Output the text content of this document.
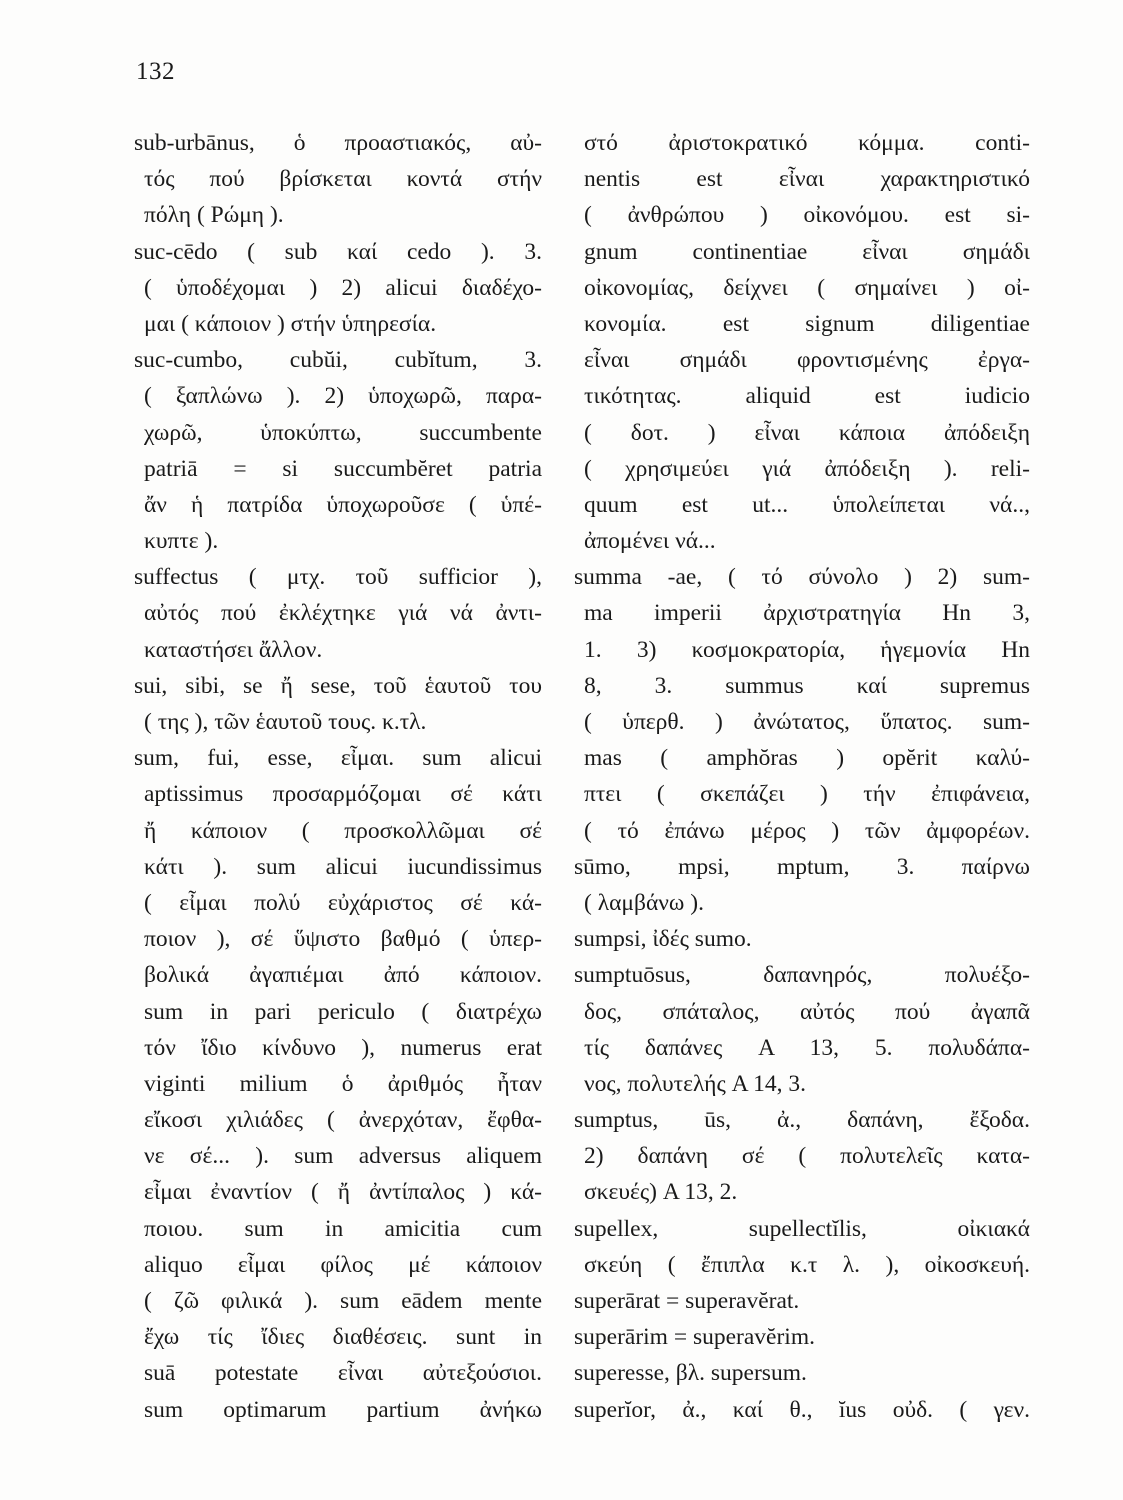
132
sub-urbānus, ὁ προαστιακός, αὐ-
τός πού βρίσκεται κοντά στήν
πόλη ( Ρώμη ).
suc-cēdo ( sub καί cedo ). 3.
( ὑποδέχομαι ) 2) alicui διαδέχο-
μαι ( κάποιον ) στήν ὑπηρεσία.
suc-cumbo, cubŭi, cubĭtum, 3.
( ξαπλώνω ). 2) ὑποχωρῶ, παρα-
χωρῶ, ὑποκύπτω, succumbente
patriā = si succumbĕret patria
ἄν ἡ πατρίδα ὑποχωροῦσε ( ὑπέ-
κυπτε ).
suffectus ( μτχ. τοῦ sufficior ),
αὐτός πού ἐκλέχτηκε γιά νά ἀντι-
καταστήσει ἄλλον.
sui, sibi, se ἤ sese, τοῦ ἑαυτοῦ του
( της ), τῶν ἑαυτοῦ τους. κ.τλ.
sum, fui, esse, εἶμαι. sum alicui
aptissimus προσαρμόζομαι σέ κάτι
ἤ κάποιον ( προσκολλῶμαι σέ
κάτι ). sum alicui iucundissimus
( εἶμαι πολύ εὐχάριστος σέ κά-
ποιον ), σέ ὕψιστο βαθμό ( ὑπερ-
βολικά ἀγαπιέμαι ἀπό κάποιον.
sum in pari periculo ( διατρέχω
τόν ἴδιο κίνδυνο ), numerus erat
viginti milium ὁ ἀριθμός ἦταν
εἴκοσι χιλιάδες ( ἀνερχόταν, ἔφθα-
νε σέ... ). sum adversus aliquem
εἶμαι ἐναντίον ( ἤ ἀντίπαλος ) κά-
ποιου. sum in amicitia cum
aliquo εἶμαι φίλος μέ κάποιον
( ζῶ φιλικά ). sum eādem mente
ἔχω τίς ἴδιες διαθέσεις. sunt in
suā potestate εἶναι αὐτεξούσιοι.
sum optimarum partium ἀνήκω
στό ἀριστοκρατικό κόμμα. conti-
nentis est εἶναι χαρακτηριστικό
( ἀνθρώπου ) οἰκονόμου. est si-
gnum continentiae εἶναι σημάδι
οἰκονομίας, δείχνει ( σημαίνει ) οἰ-
κονομία. est signum diligentiae
εἶναι σημάδι φροντισμένης ἐργα-
τικότητας. aliquid est iudicio
( δοτ. ) εἶναι κάποια ἀπόδειξη
( χρησιμεύει γιά ἀπόδειξη ). reli-
quum est ut... ὑπολείπεται νά..,
ἀπομένει νά...
summa -ae, ( τό σύνολο ) 2) sum-
ma imperii ἀρχιστρατηγία Hn 3,
1. 3) κοσμοκρατορία, ἡγεμονία Hn
8, 3. summus καί supremus
( ὑπερθ. ) ἀνώτατος, ὕπατος. sum-
mas ( amphŏras ) opĕrit καλύ-
πτει ( σκεπάζει ) τήν ἐπιφάνεια,
( τό ἐπάνω μέρος ) τῶν ἀμφορέων.
sūmo, mpsi, mptum, 3. παίρνω
( λαμβάνω ).
sumpsi, ἰδές sumo.
sumptuōsus, δαπανηρός, πολυέξο-
δος, σπάταλος, αὐτός πού ἀγαπᾶ
τίς δαπάνες A 13, 5. πολυδάπα-
νος, πολυτελής A 14, 3.
sumptus, ūs, ἀ., δαπάνη, ἔξοδα.
2) δαπάνη σέ ( πολυτελεῖς κατα-
σκευές) A 13, 2.
supellex, supellectĭlis, οἰκιακά
σκεύη ( ἔπιπλα κ.τ λ. ), οἰκοσκευή.
superārat = superavĕrat.
superārim = superavĕrim.
superesse, βλ. supersum.
superĭor, ἀ., καί θ., ĭus οὐδ. ( γεν.
